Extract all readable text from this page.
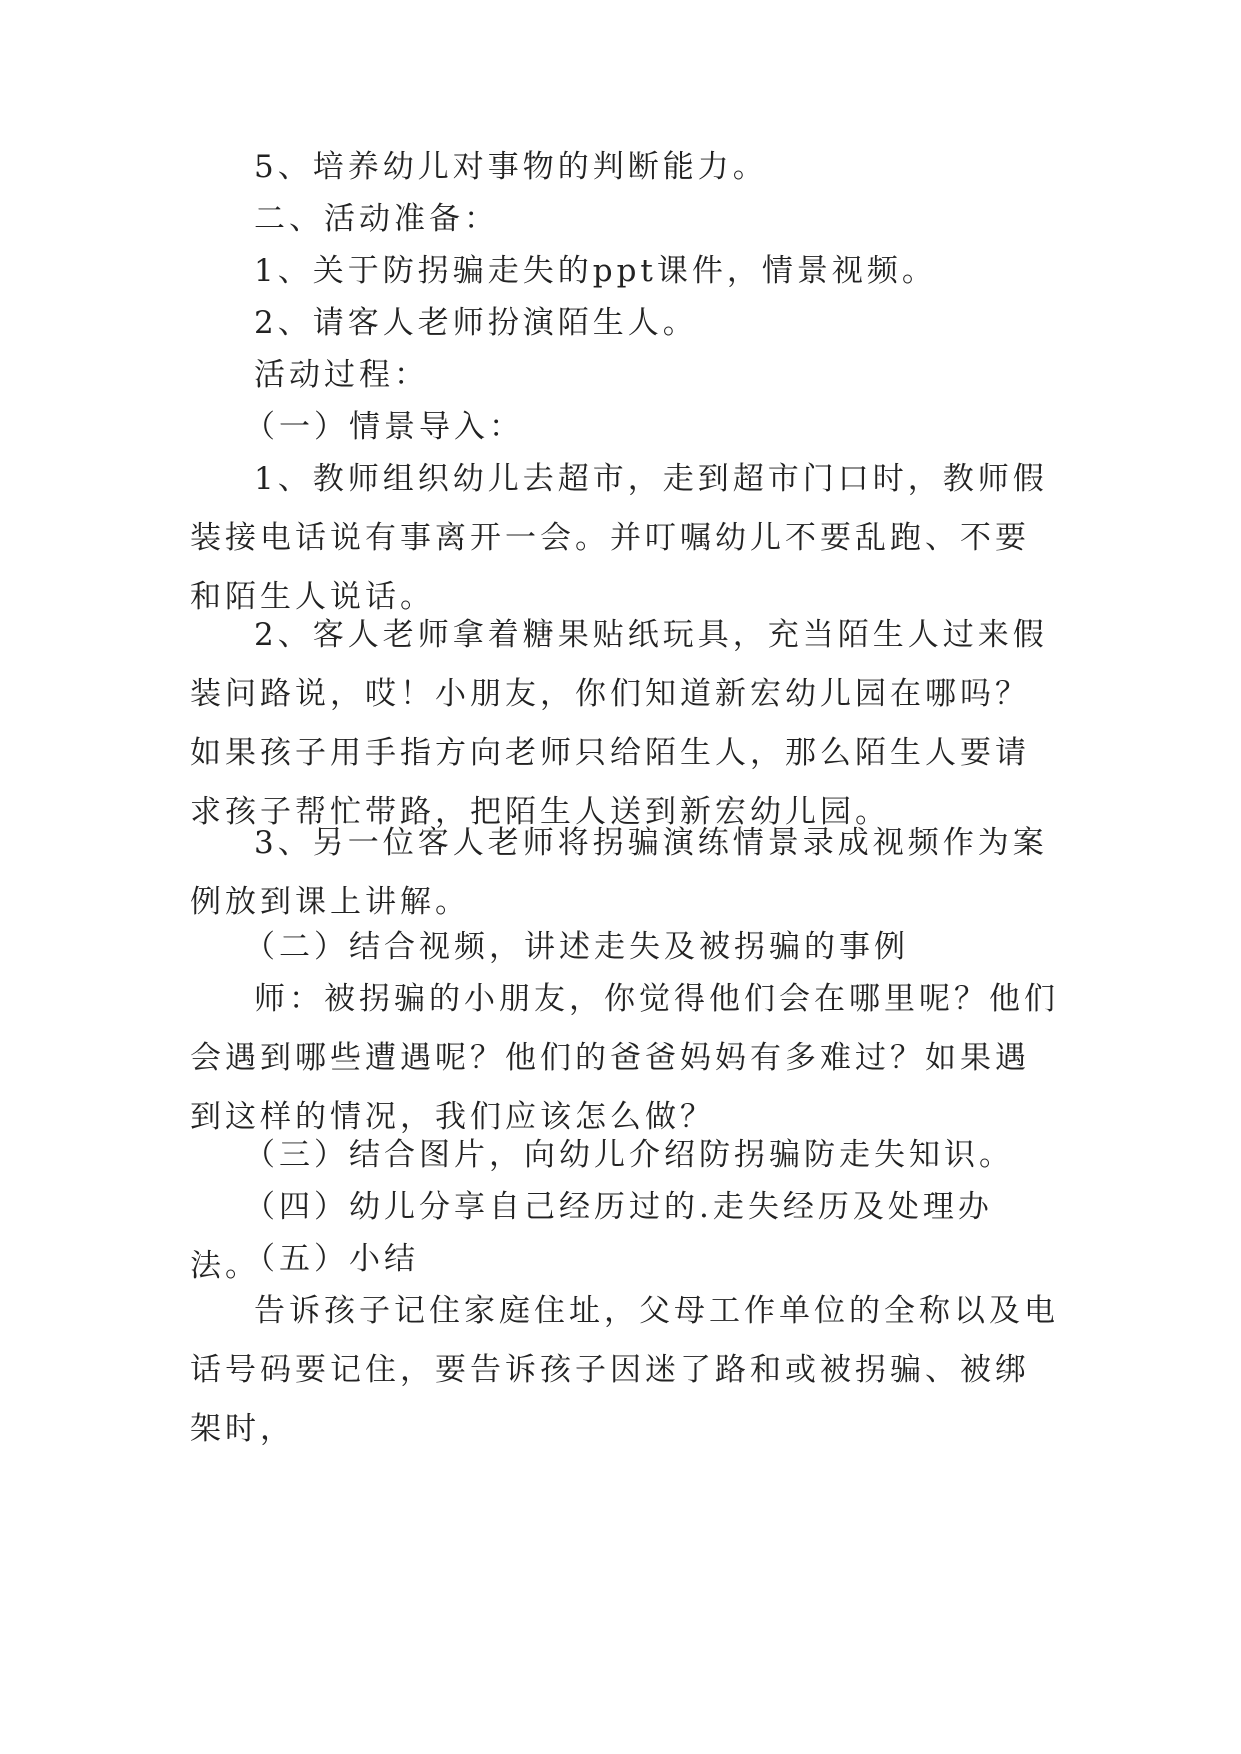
5、培养幼儿对事物的判断能力。

二、活动准备：

1、关于防拐骗走失的ppt课件，情景视频。

2、请客人老师扮演陌生人。

活动过程：

（一）情景导入：

1、教师组织幼儿去超市，走到超市门口时，教师假装接电话说有事离开一会。并叮嘱幼儿不要乱跑、不要和陌生人说话。

2、客人老师拿着糖果贴纸玩具，充当陌生人过来假装问路说，哎！小朋友，你们知道新宏幼儿园在哪吗？如果孩子用手指方向老师只给陌生人，那么陌生人要请求孩子帮忙带路，把陌生人送到新宏幼儿园。

3、另一位客人老师将拐骗演练情景录成视频作为案例放到课上讲解。

（二）结合视频，讲述走失及被拐骗的事例

师：被拐骗的小朋友，你觉得他们会在哪里呢？他们会遇到哪些遭遇呢？他们的爸爸妈妈有多难过？如果遇到这样的情况，我们应该怎么做？

（三）结合图片，向幼儿介绍防拐骗防走失知识。

（四）幼儿分享自己经历过的.走失经历及处理办法。

（五）小结

告诉孩子记住家庭住址，父母工作单位的全称以及电话号码要记住，要告诉孩子因迷了路和或被拐骗、被绑架时，
